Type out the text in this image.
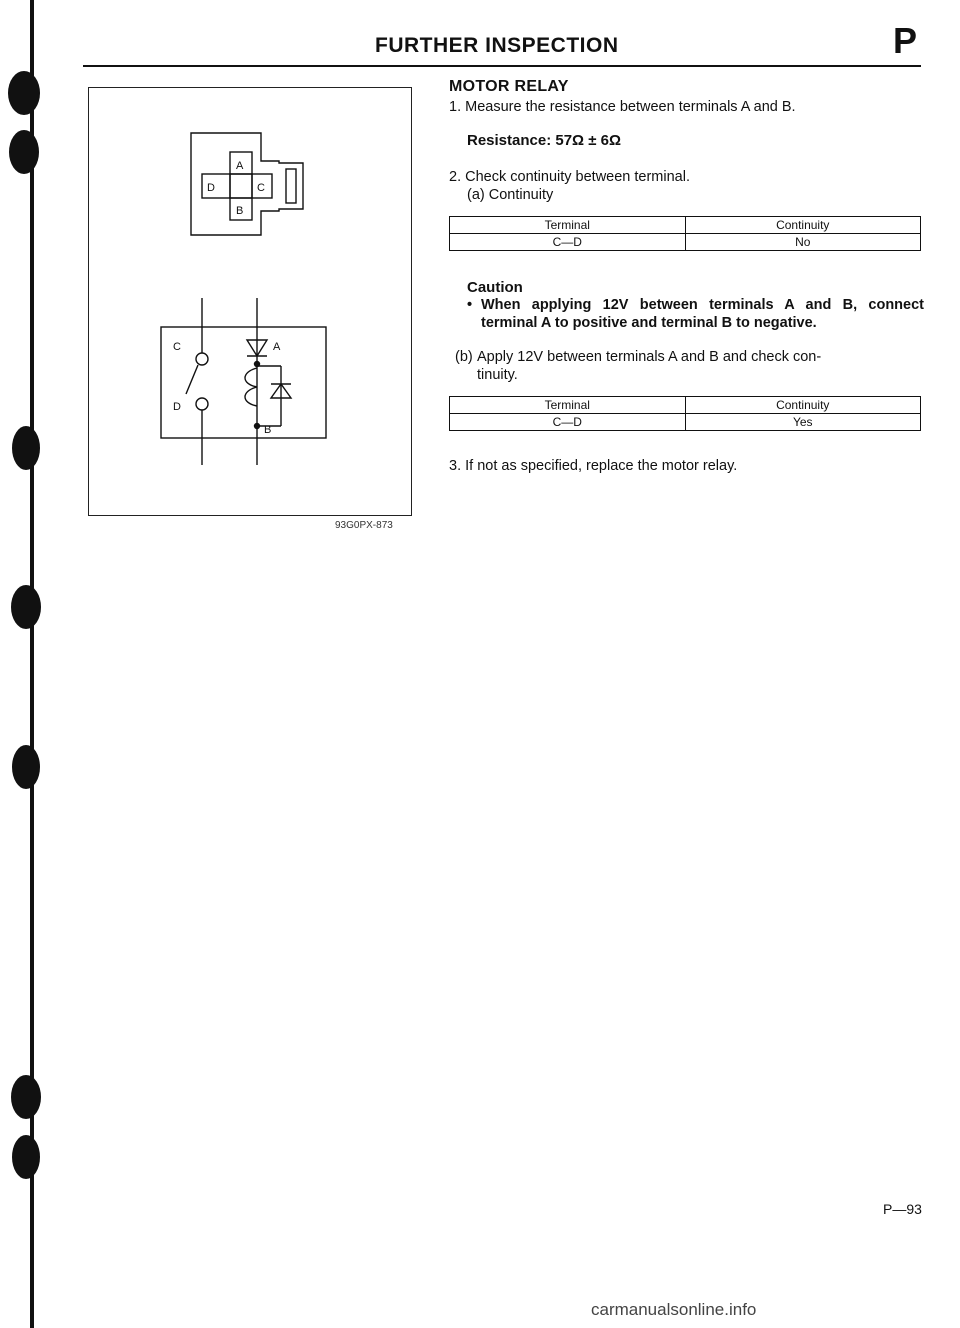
FURTHER INSPECTION	P
A
D	C
B
C	A
D
B
93G0PX-873
MOTOR RELAY

1. Measure the resistance between terminals A and B.

Resistance: 57Ω ± 6Ω

2. Check continuity between terminal.

(a) Continuity

Terminal	Continuity
C—D	No
Caution
• When applying 12V between terminals A and B, connect terminal A to positive and terminal B to negative.

(b) Apply 12V between terminals A and B and check con-

tinuity.

Terminal	Continuity
C—D	Yes

3. If not as specified, replace the motor relay.

P—93
carmanualsonline.info
